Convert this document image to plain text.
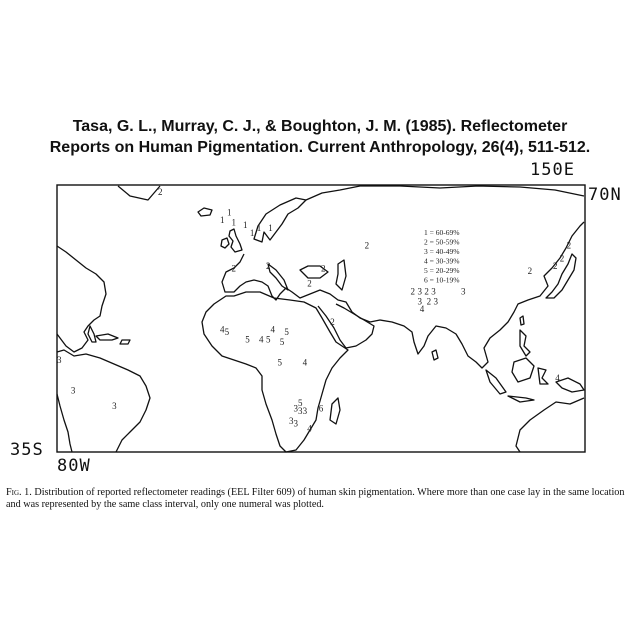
Tasa, G. L., Murray, C. J., & Boughton, J. M. (1985). Reflectometer
Reports on Human Pigmentation. Current Anthropology, 26(4), 511-512.
2
1
1 1 1 1 1
1
2
2	2	2
2
2
2 3 2 3	3
3 2 3
4
2
2
2
2
4
4 5	4 5
5 4 5 5
5 4
5
3 3 3 6
3 3
4
3
3
3
1 = 60-69%
2 = 50-59%
3 = 40-49%
4 = 30-39%
5 = 20-29%
6 = 10-19%
150E
70N
35S
80W
Fig. 1. Distribution of reported reflectometer readings (EEL Filter 609) of human skin pigmentation. Where more than one case lay in the same location and was represented by the same class interval, only one numeral was plotted.
